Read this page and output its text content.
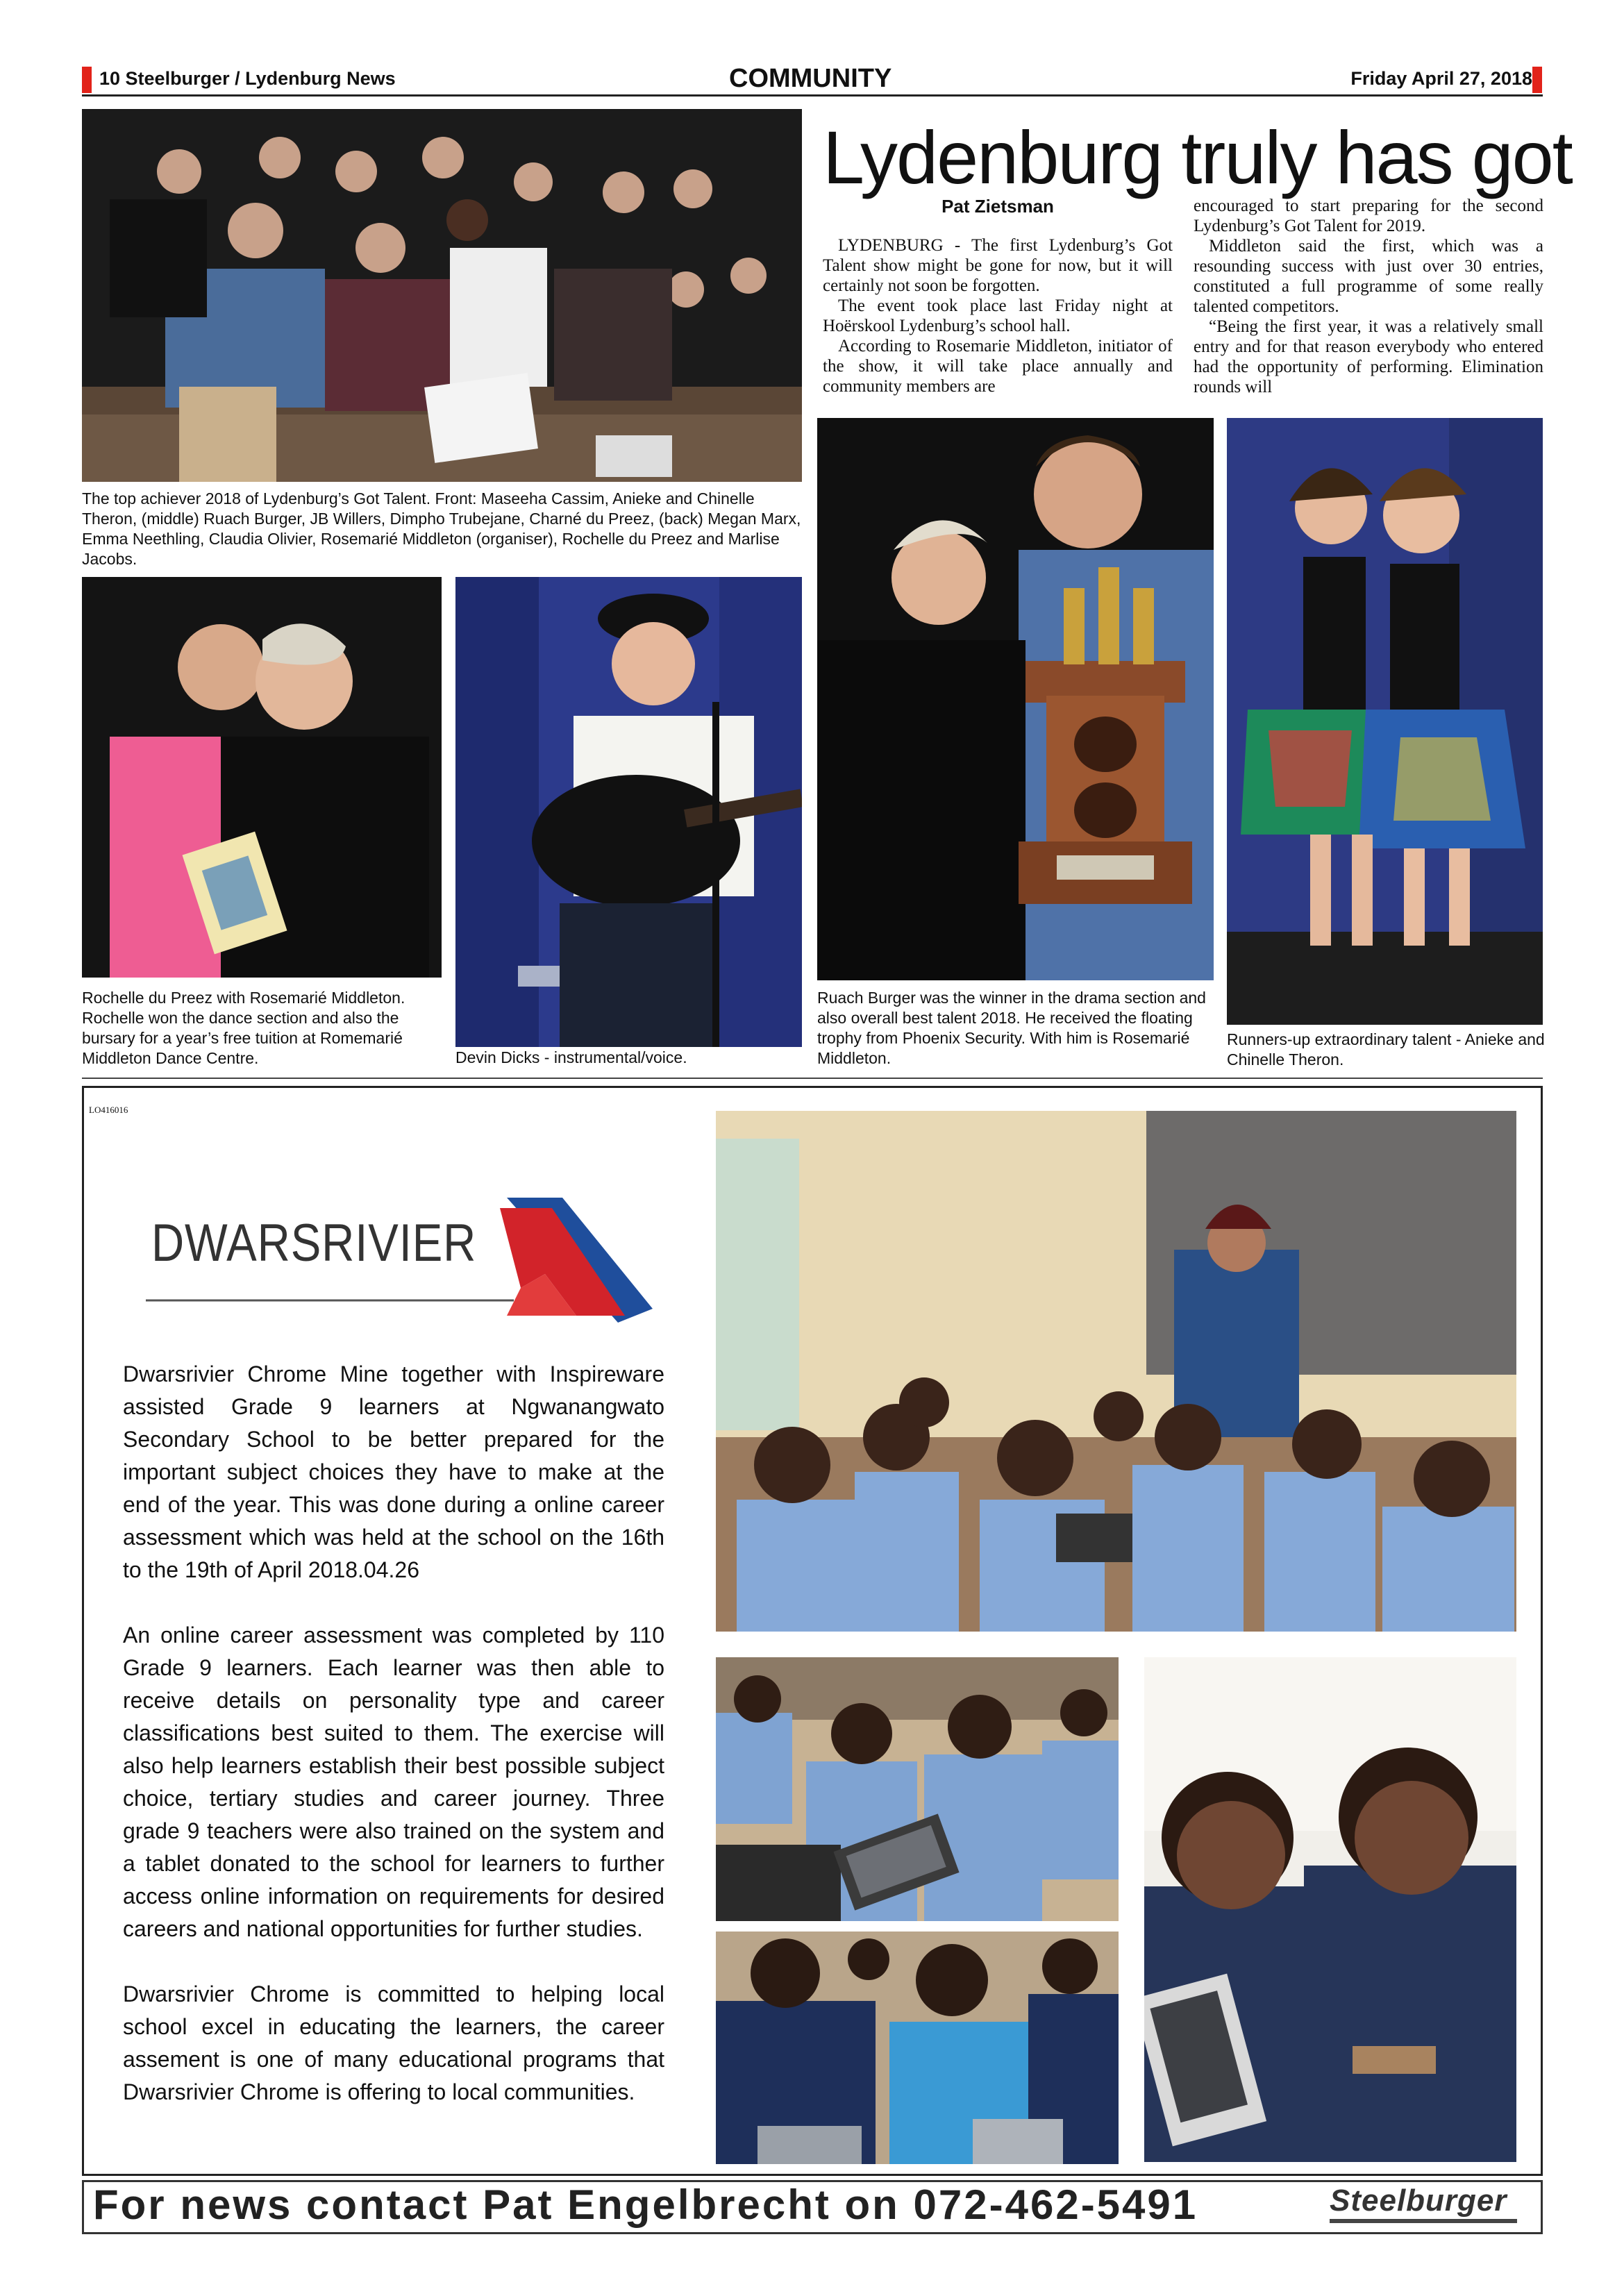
10 Steelburger / Lydenburg News	COMMUNITY	Friday April 27, 2018
The top achiever 2018 of Lydenburg’s Got Talent. Front: Maseeha Cassim, Anieke and Chinelle Theron, (middle) Ruach Burger, JB Willers, Dimpho Trubejane, Charné du Preez, (back) Megan Marx, Emma Neethling, Claudia Olivier, Rosemarié Middleton (organiser), Rochelle du Preez and Marlise Jacobs.
Rochelle du Preez with Rosemarié Middleton. Rochelle won the dance section and also the bursary for a year’s free tuition at Romemarié Middleton Dance Centre.	Devin Dicks - instrumental/voice.
Lydenburg truly has got
Pat Zietsman

LYDENBURG - The first Lydenburg’s Got Talent show might be gone for now, but it will certainly not soon be forgotten.

The event took place last Friday night at Hoërskool Lydenburg’s school hall.

According to Rosemarie Middleton, initiator of the show, it will take place annually and community members are

encouraged to start preparing for the second Lydenburg’s Got Talent for 2019.

Middleton said the first, which was a resounding success with just over 30 entries, constituted a full programme of some really talented competitors.

“Being the first year, it was a relatively small entry and for that reason everybody who entered had the opportunity of performing. Elimination rounds will

Ruach Burger was the winner in the drama section and also overall best talent 2018. He received the floating trophy from Phoenix Security. With him is Rosemarié Middleton.
Runners-up extraordinary talent - Anieke and Chinelle Theron.
LO416016
DWARSRIVIER

Dwarsrivier Chrome Mine together with Inspireware assisted Grade 9 learners at Ngwanangwato Secondary School to be better prepared for the important subject choices they have to make at the end of the year. This was done during a online career assessment which was held at the school on the 16th to the 19th of April 2018.04.26

An online career assessment was completed by 110 Grade 9 learners. Each learner was then able to receive details on personality type and career classifications best suited to them. The exercise will also help learners establish their best possible subject choice, tertiary studies and career journey. Three grade 9 teachers were also trained on the system and a tablet donated to the school for learners to further access online information on requirements for desired careers and national opportunities for further studies.

Dwarsrivier Chrome is committed to helping local school excel in educating the learners, the career assement is one of many educational programs that Dwarsrivier Chrome is offering to local communities.

For news contact Pat Engelbrecht on 072-462-5491	Steelburger
